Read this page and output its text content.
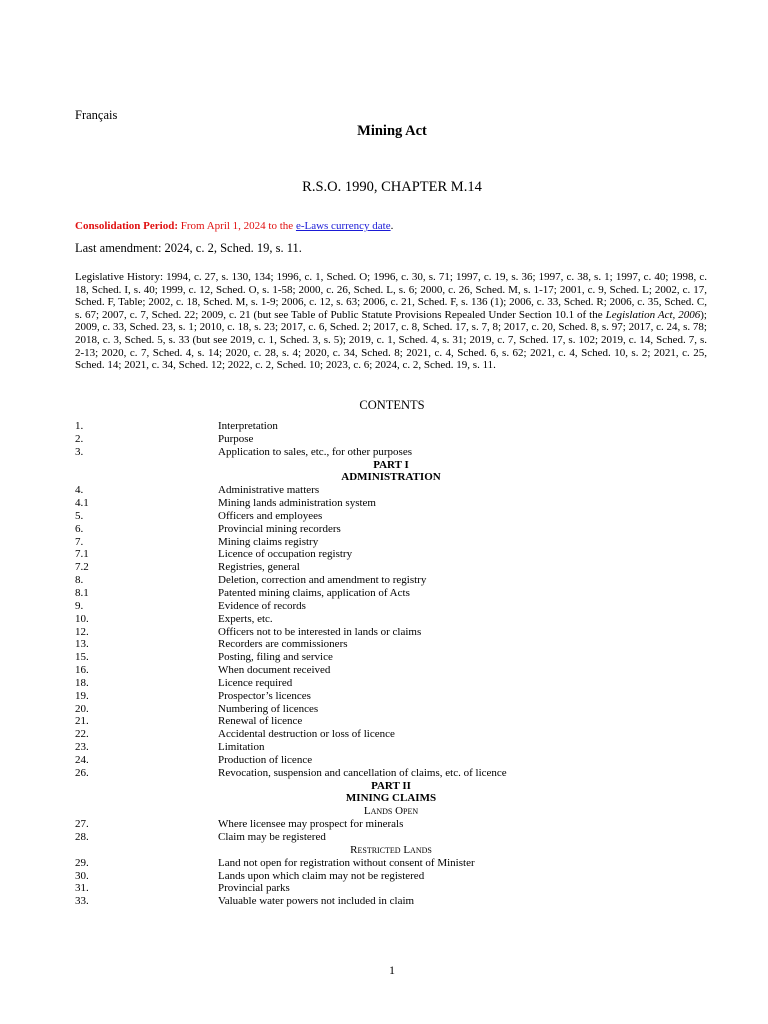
Français
Mining Act
R.S.O. 1990, CHAPTER M.14
Consolidation Period: From April 1, 2024 to the e-Laws currency date.
Last amendment: 2024, c. 2, Sched. 19, s. 11.
Legislative History: 1994, c. 27, s. 130, 134; 1996, c. 1, Sched. O; 1996, c. 30, s. 71; 1997, c. 19, s. 36; 1997, c. 38, s. 1; 1997, c. 40; 1998, c. 18, Sched. I, s. 40; 1999, c. 12, Sched. O, s. 1-58; 2000, c. 26, Sched. L, s. 6; 2000, c. 26, Sched. M, s. 1-17; 2001, c. 9, Sched. L; 2002, c. 17, Sched. F, Table; 2002, c. 18, Sched. M, s. 1-9; 2006, c. 12, s. 63; 2006, c. 21, Sched. F, s. 136 (1); 2006, c. 33, Sched. R; 2006, c. 35, Sched. C, s. 67; 2007, c. 7, Sched. 22; 2009, c. 21 (but see Table of Public Statute Provisions Repealed Under Section 10.1 of the Legislation Act, 2006); 2009, c. 33, Sched. 23, s. 1; 2010, c. 18, s. 23; 2017, c. 6, Sched. 2; 2017, c. 8, Sched. 17, s. 7, 8; 2017, c. 20, Sched. 8, s. 97; 2017, c. 24, s. 78; 2018, c. 3, Sched. 5, s. 33 (but see 2019, c. 1, Sched. 3, s. 5); 2019, c. 1, Sched. 4, s. 31; 2019, c. 7, Sched. 17, s. 102; 2019, c. 14, Sched. 7, s. 2-13; 2020, c. 7, Sched. 4, s. 14; 2020, c. 28, s. 4; 2020, c. 34, Sched. 8; 2021, c. 4, Sched. 6, s. 62; 2021, c. 4, Sched. 10, s. 2; 2021, c. 25, Sched. 14; 2021, c. 34, Sched. 12; 2022, c. 2, Sched. 10; 2023, c. 6; 2024, c. 2, Sched. 19, s. 11.
CONTENTS
1.	Interpretation
2.	Purpose
3.	Application to sales, etc., for other purposes
PART I
ADMINISTRATION
4.	Administrative matters
4.1	Mining lands administration system
5.	Officers and employees
6.	Provincial mining recorders
7.	Mining claims registry
7.1	Licence of occupation registry
7.2	Registries, general
8.	Deletion, correction and amendment to registry
8.1	Patented mining claims, application of Acts
9.	Evidence of records
10.	Experts, etc.
12.	Officers not to be interested in lands or claims
13.	Recorders are commissioners
15.	Posting, filing and service
16.	When document received
18.	Licence required
19.	Prospector’s licences
20.	Numbering of licences
21.	Renewal of licence
22.	Accidental destruction or loss of licence
23.	Limitation
24.	Production of licence
26.	Revocation, suspension and cancellation of claims, etc. of licence
PART II
MINING CLAIMS
Lands Open
27.	Where licensee may prospect for minerals
28.	Claim may be registered
Restricted Lands
29.	Land not open for registration without consent of Minister
30.	Lands upon which claim may not be registered
31.	Provincial parks
33.	Valuable water powers not included in claim
1
